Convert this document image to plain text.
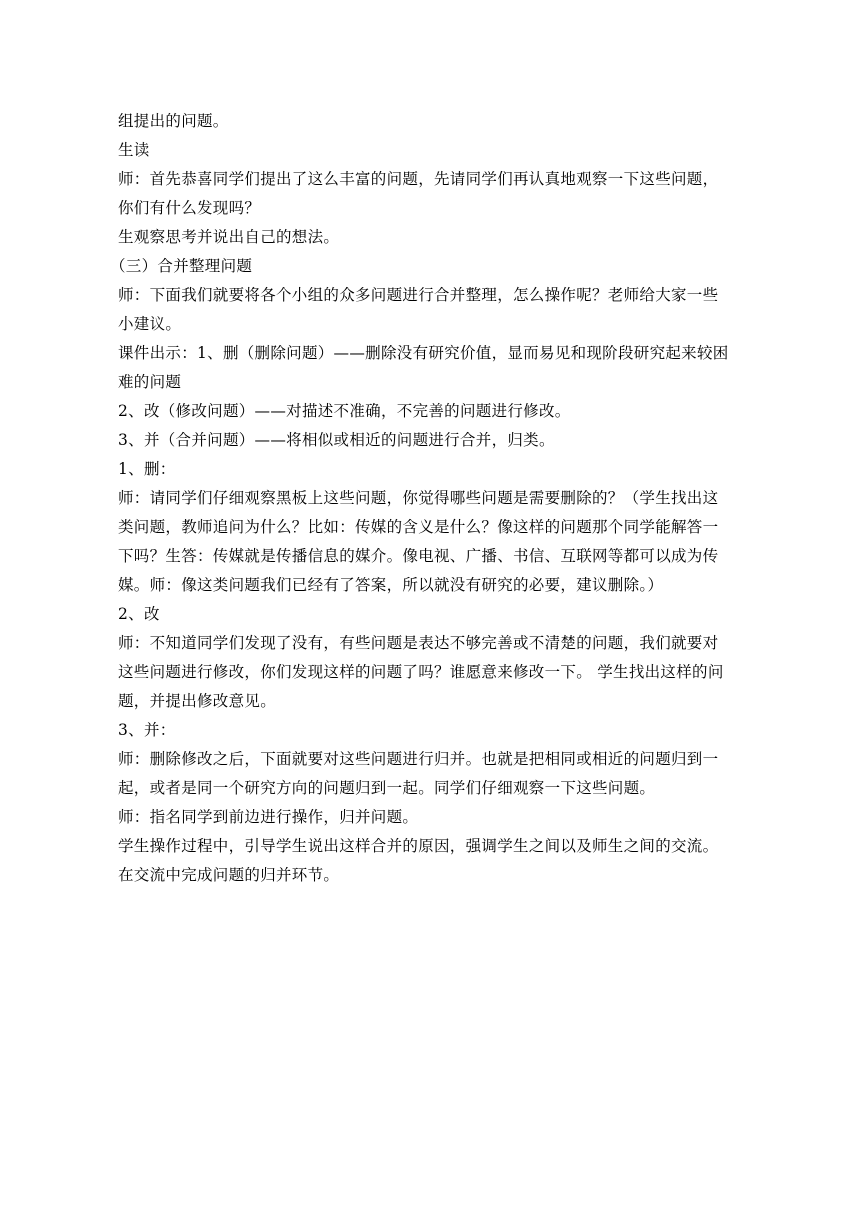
组提出的问题。

生读

师：首先恭喜同学们提出了这么丰富的问题，先请同学们再认真地观察一下这些问题，你们有什么发现吗？

生观察思考并说出自己的想法。

（三）合并整理问题

师：下面我们就要将各个小组的众多问题进行合并整理，怎么操作呢？老师给大家一些小建议。

课件出示：1、删（删除问题）——删除没有研究价值，显而易见和现阶段研究起来较困难的问题

2、改（修改问题）——对描述不准确，不完善的问题进行修改。

3、并（合并问题）——将相似或相近的问题进行合并，归类。

1、删：

师：请同学们仔细观察黑板上这些问题，你觉得哪些问题是需要删除的？（学生找出这类问题，教师追问为什么？比如：传媒的含义是什么？像这样的问题那个同学能解答一下吗？生答：传媒就是传播信息的媒介。像电视、广播、书信、互联网等都可以成为传媒。师：像这类问题我们已经有了答案，所以就没有研究的必要，建议删除。）

2、改

师：不知道同学们发现了没有，有些问题是表达不够完善或不清楚的问题，我们就要对这些问题进行修改，你们发现这样的问题了吗？谁愿意来修改一下。 学生找出这样的问题，并提出修改意见。

3、并：

师：删除修改之后，下面就要对这些问题进行归并。也就是把相同或相近的问题归到一起，或者是同一个研究方向的问题归到一起。同学们仔细观察一下这些问题。

师：指名同学到前边进行操作，归并问题。

学生操作过程中，引导学生说出这样合并的原因，强调学生之间以及师生之间的交流。在交流中完成问题的归并环节。
